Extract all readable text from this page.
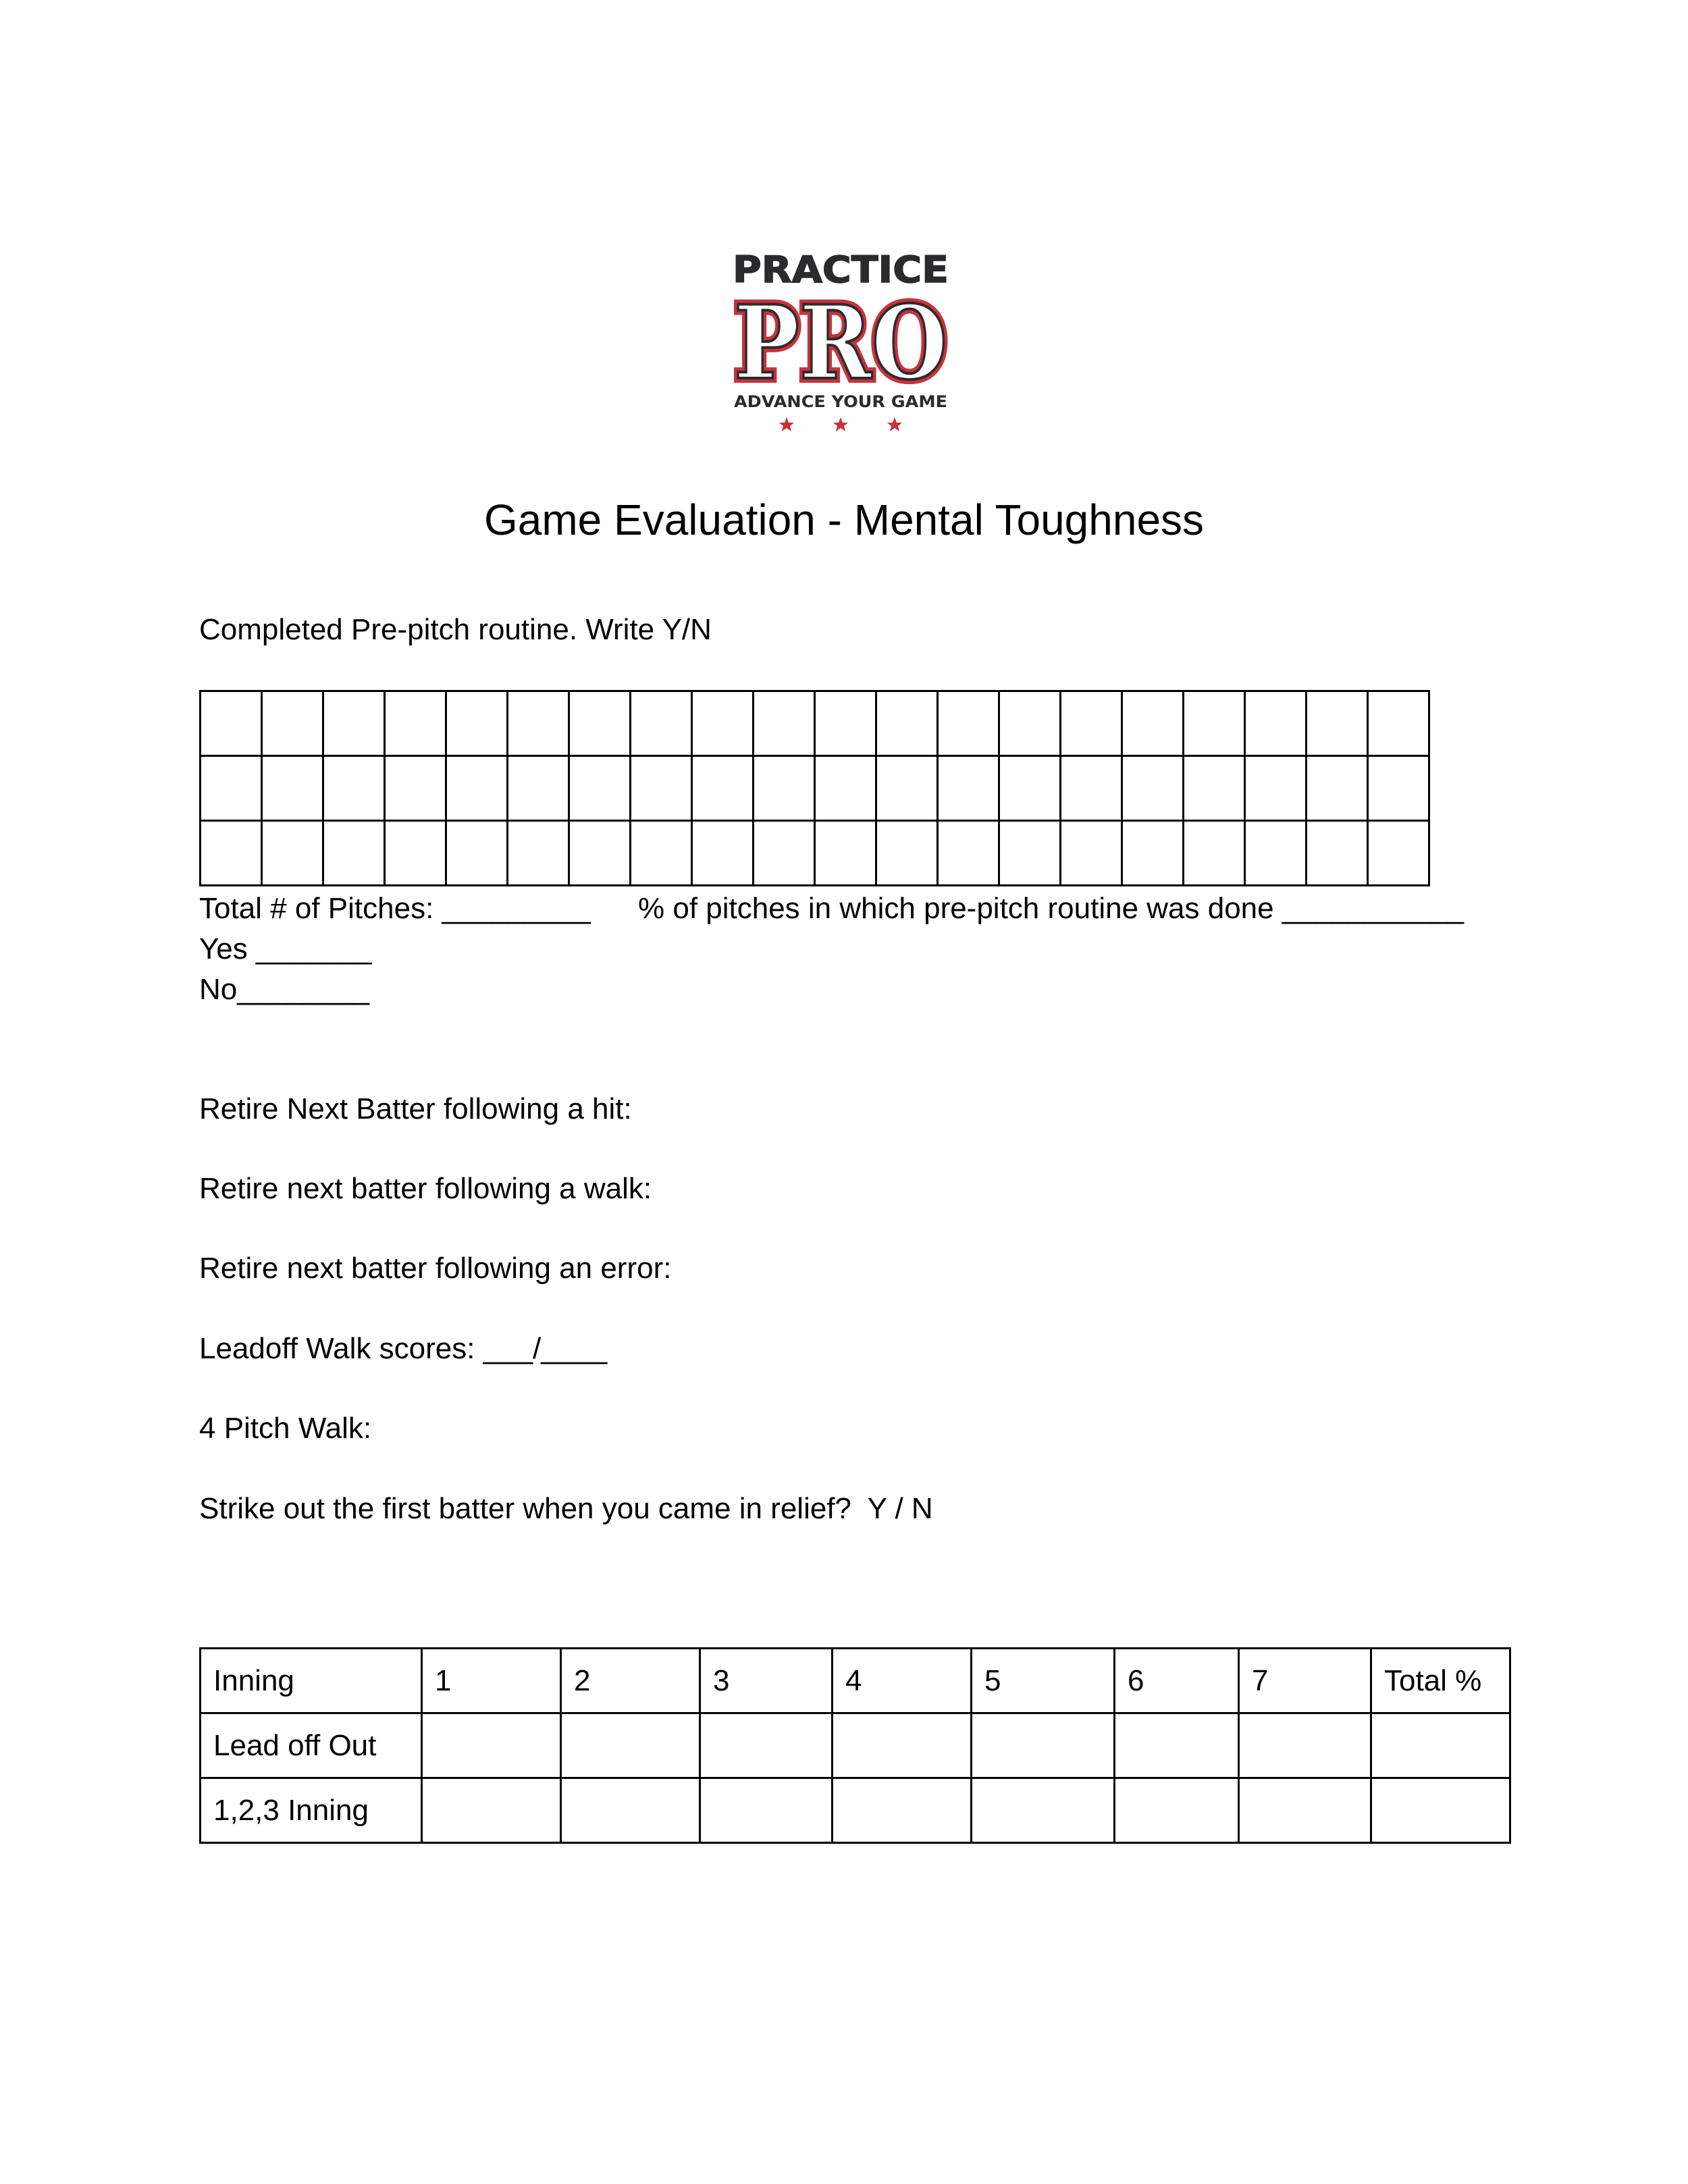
PRACTICE
PRO
PRO
ADVANCE YOUR GAME
Game Evaluation - Mental Toughness
Completed Pre-pitch routine. Write Y/N

Total # of Pitches: _________ % of pitches in which pre-pitch routine was done ___________
Yes _______
No________
Retire Next Batter following a hit:
Retire next batter following a walk:
Retire next batter following an error:
Leadoff Walk scores: ___/____
4 Pitch Walk:
Strike out the first batter when you came in relief?  Y / N
Inning	1	2	3	4	5	6	7	Total %
Lead off Out								
1,2,3 Inning								
